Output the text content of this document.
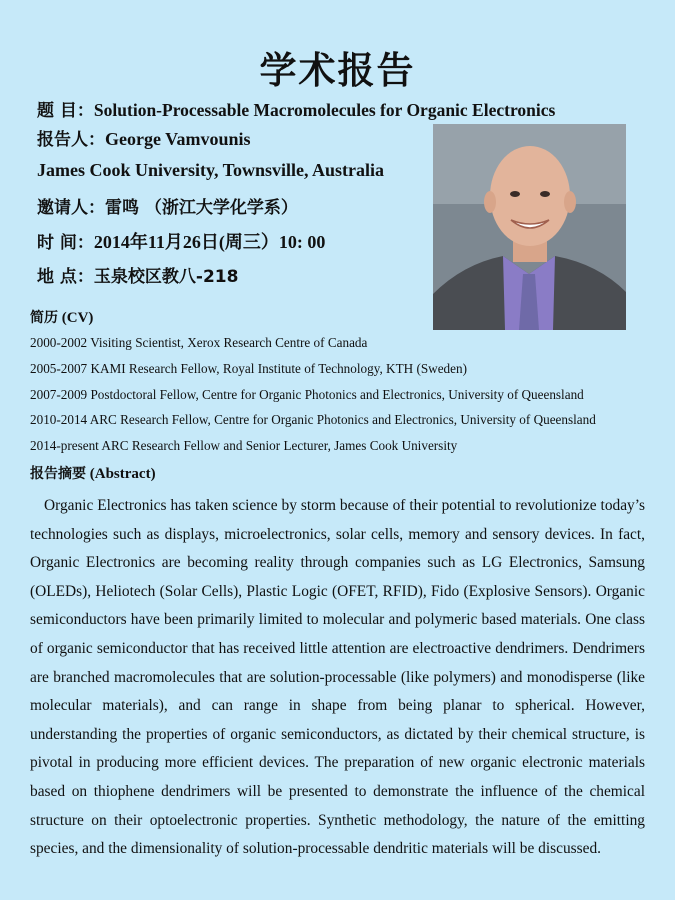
学术报告
题 目：Solution-Processable Macromolecules for Organic Electronics
报告人：George Vamvounis
James Cook University, Townsville, Australia
邀请人：雷鸣 （浙江大学化学系）
时 间：2014年11月26日(周三）10: 00
地 点：玉泉校区教八-218
简历 (CV)
2000-2002 Visiting Scientist, Xerox Research Centre of Canada
2005-2007 KAMI Research Fellow, Royal Institute of Technology, KTH (Sweden)
2007-2009 Postdoctoral Fellow, Centre for Organic Photonics and Electronics, University of Queensland
2010-2014 ARC Research Fellow, Centre for Organic Photonics and Electronics, University of Queensland
2014-present ARC Research Fellow and Senior Lecturer, James Cook University
报告摘要 (Abstract)

Organic Electronics has taken science by storm because of their potential to revolutionize today’s technologies such as displays, microelectronics, solar cells, memory and sensory devices. In fact, Organic Electronics are becoming reality through companies such as LG Electronics, Samsung (OLEDs), Heliotech (Solar Cells), Plastic Logic (OFET, RFID), Fido (Explosive Sensors). Organic semiconductors have been primarily limited to molecular and polymeric based materials. One class of organic semiconductor that has received little attention are electroactive dendrimers. Dendrimers are branched macromolecules that are solution-processable (like polymers) and monodisperse (like molecular materials), and can range in shape from being planar to spherical. However, understanding the properties of organic semiconductors, as dictated by their chemical structure, is pivotal in producing more efficient devices. The preparation of new organic electronic materials based on thiophene dendrimers will be presented to demonstrate the influence of the chemical structure on their optoelectronic properties. Synthetic methodology, the nature of the emitting species, and the dimensionality of solution-processable dendritic materials will be discussed.
